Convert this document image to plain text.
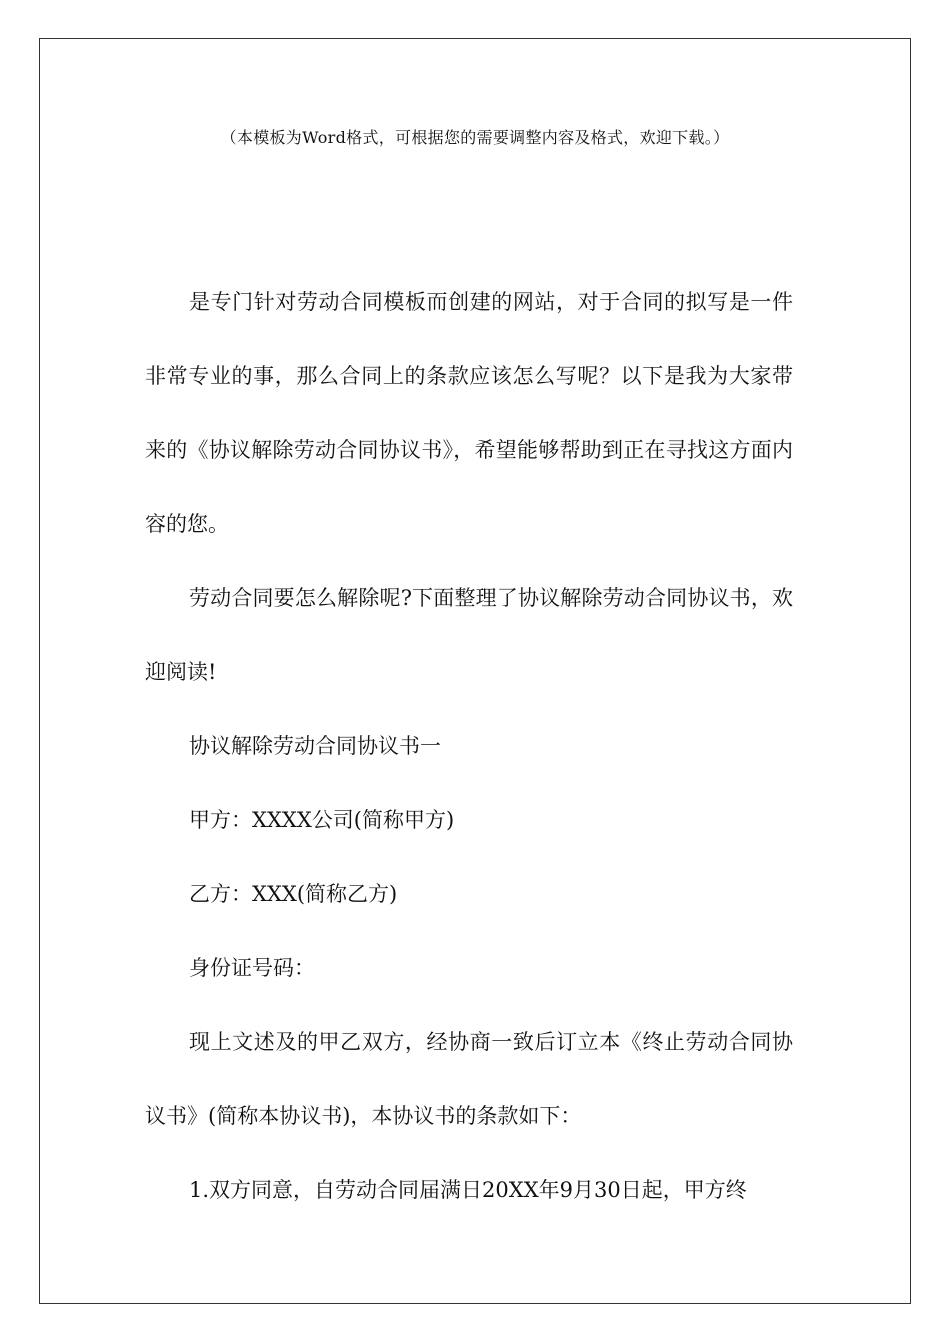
（本模板为Word格式，可根据您的需要调整内容及格式，欢迎下载。）

是专门针对劳动合同模板而创建的网站，对于合同的拟写是一件非常专业的事，那么合同上的条款应该怎么写呢？以下是我为大家带来的《协议解除劳动合同协议书》，希望能够帮助到正在寻找这方面内容的您。

劳动合同要怎么解除呢?下面整理了协议解除劳动合同协议书，欢迎阅读!

协议解除劳动合同协议书一

甲方：XXXX公司(简称甲方)

乙方：XXX(简称乙方)

身份证号码：

现上文述及的甲乙双方，经协商一致后订立本《终止劳动合同协议书》(简称本协议书)，本协议书的条款如下：

1.双方同意，自劳动合同届满日20XX年9月30日起，甲方终
